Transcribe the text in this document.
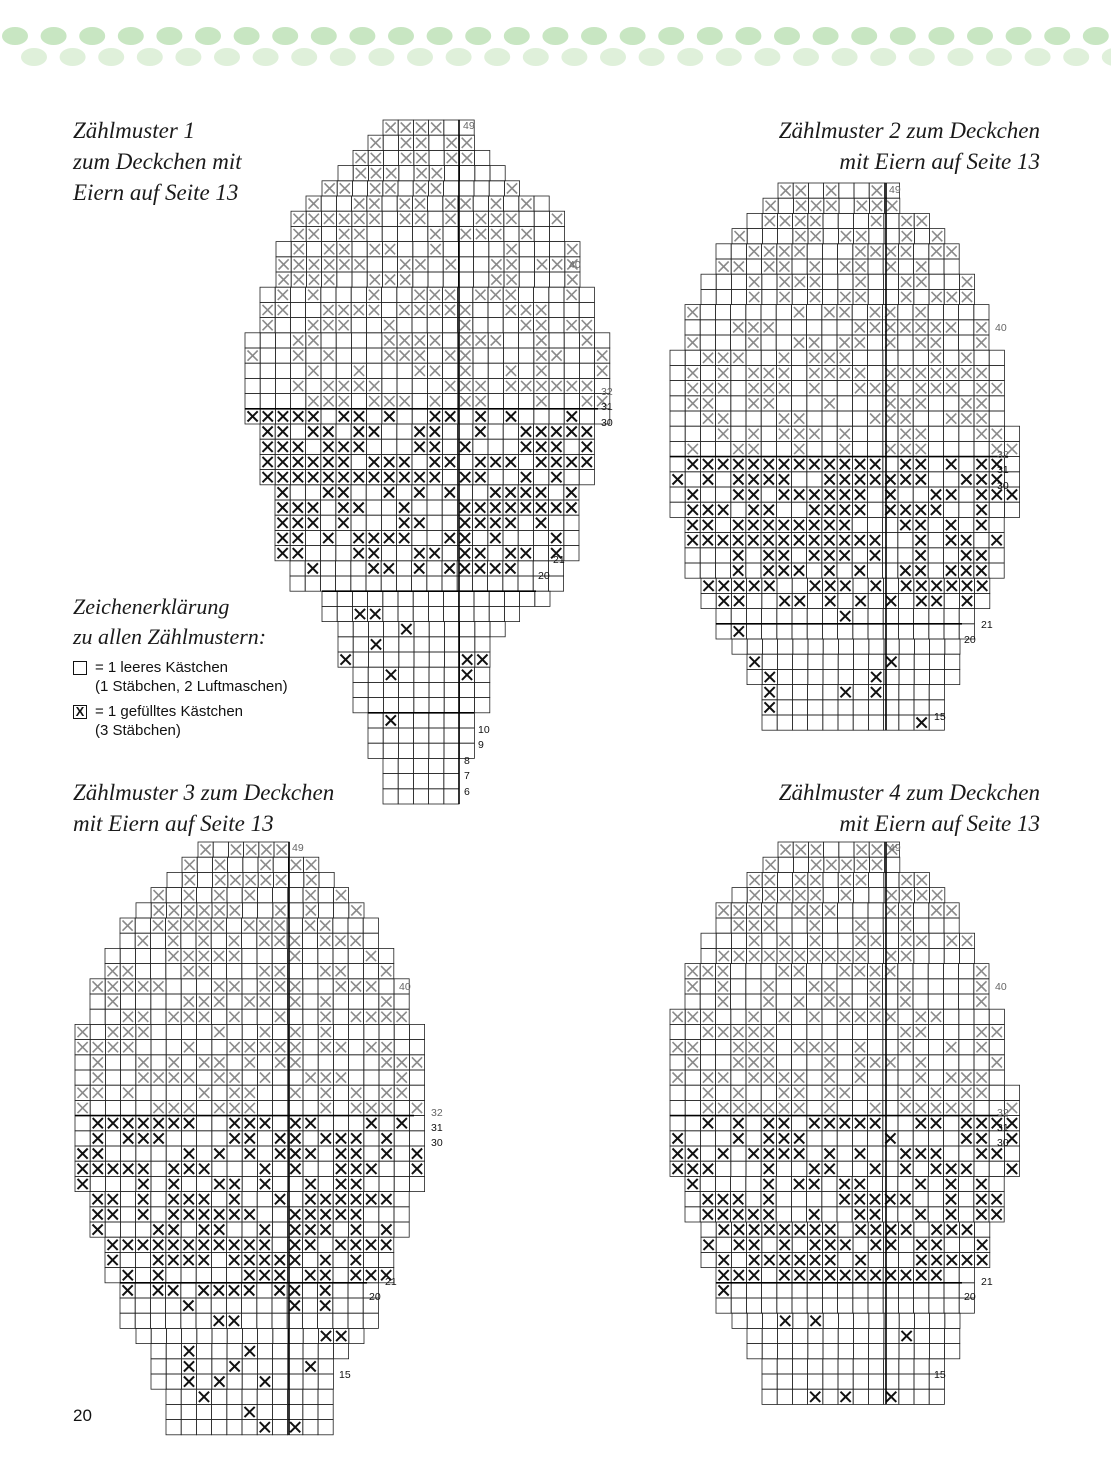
Zählmuster 1
zum Deckchen mit
Eiern auf Seite 13
Zählmuster 2 zum Deckchen
mit Eiern auf Seite 13
Zählmuster 3 zum Deckchen
mit Eiern auf Seite 13
Zählmuster 4 zum Deckchen
mit Eiern auf Seite 13
Zeichenerklärung
zu allen Zählmustern:
= 1 leeres Kästchen
(1 Stäbchen, 2 Luftmaschen)
X = 1 gefülltes Kästchen
(3 Stäbchen)
49
40
32
31
30
21
20
10
9
8
7
6
49
40
32
31
30
21
20
15
49
40
32
31
30
21
20
15
49
40
32
31
30
21
20
15
20
